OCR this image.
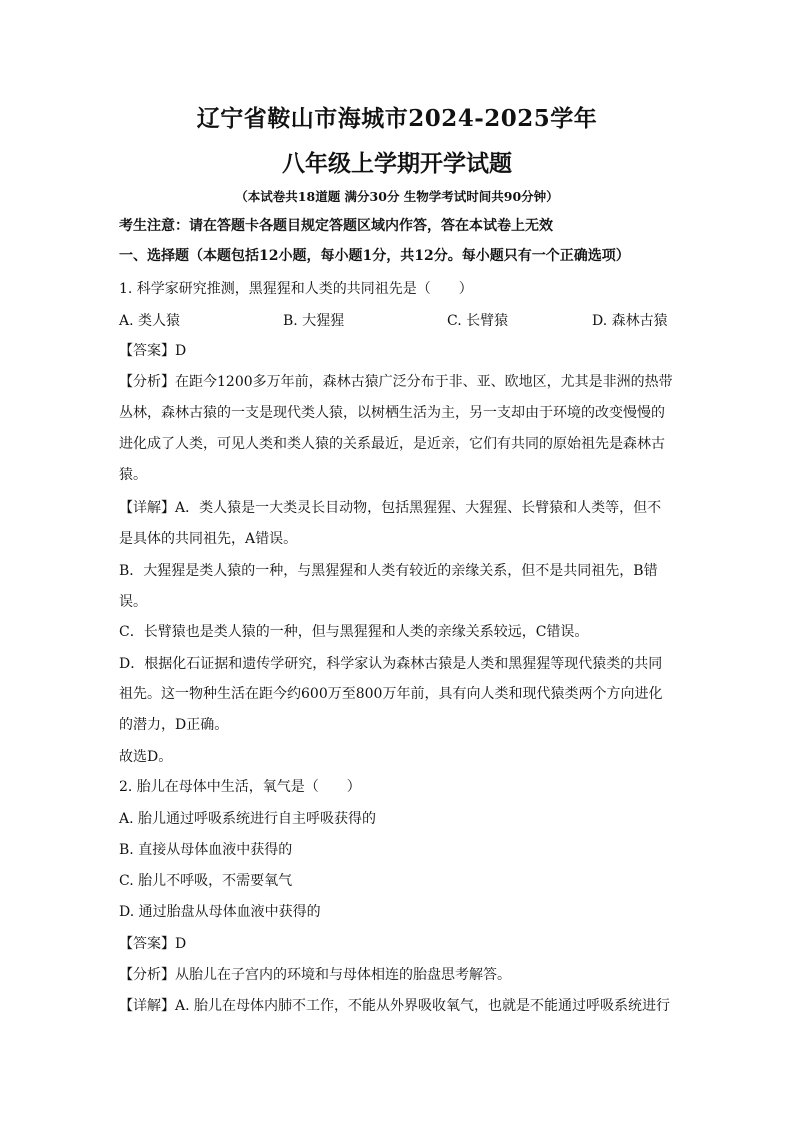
辽宁省鞍山市海城市2024-2025学年
八年级上学期开学试题
（本试卷共18道题 满分30分 生物学考试时间共90分钟）
考生注意：请在答题卡各题目规定答题区域内作答，答在本试卷上无效
一、选择题（本题包括12小题，每小题1分，共12分。每小题只有一个正确选项）
1. 科学家研究推测，黑猩猩和人类的共同祖先是（　　）
A. 类人猿	B. 大猩猩	C. 长臂猿	D. 森林古猿
【答案】D
【分析】在距今1200多万年前，森林古猿广泛分布于非、亚、欧地区，尤其是非洲的热带
丛林，森林古猿的一支是现代类人猿，以树栖生活为主，另一支却由于环境的改变慢慢的
进化成了人类，可见人类和类人猿的关系最近，是近亲，它们有共同的原始祖先是森林古
猿。
【详解】A．类人猿是一大类灵长目动物，包括黑猩猩、大猩猩、长臂猿和人类等，但不
是具体的共同祖先，A错误。
B．大猩猩是类人猿的一种，与黑猩猩和人类有较近的亲缘关系，但不是共同祖先，B错
误。
C．长臂猿也是类人猿的一种，但与黑猩猩和人类的亲缘关系较远，C错误。
D．根据化石证据和遗传学研究，科学家认为森林古猿是人类和黑猩猩等现代猿类的共同
祖先。这一物种生活在距今约600万至800万年前，具有向人类和现代猿类两个方向进化
的潜力，D正确。
故选D。
2. 胎儿在母体中生活，氧气是（　　）
A. 胎儿通过呼吸系统进行自主呼吸获得的
B. 直接从母体血液中获得的
C. 胎儿不呼吸，不需要氧气
D. 通过胎盘从母体血液中获得的
【答案】D
【分析】从胎儿在子宫内的环境和与母体相连的胎盘思考解答。
【详解】A. 胎儿在母体内肺不工作，不能从外界吸收氧气，也就是不能通过呼吸系统进行
